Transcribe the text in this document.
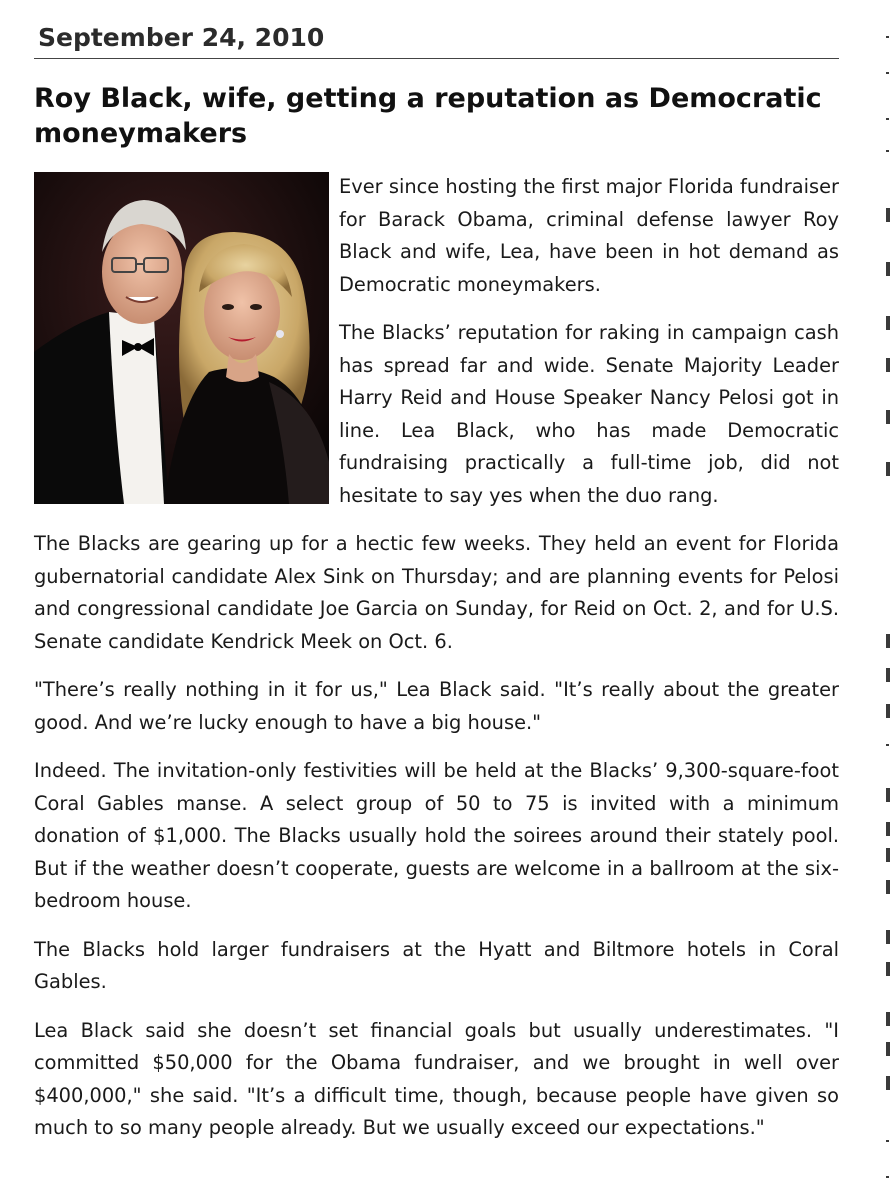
September 24, 2010
Roy Black, wife, getting a reputation as Democratic moneymakers

Ever since hosting the first major Florida fundraiser for Barack Obama, criminal defense lawyer Roy Black and wife, Lea, have been in hot demand as Democratic moneymakers.

The Blacks’ reputation for raking in campaign cash has spread far and wide. Senate Majority Leader Harry Reid and House Speaker Nancy Pelosi got in line. Lea Black, who has made Democratic fundraising practically a full-time job, did not hesitate to say yes when the duo rang.

The Blacks are gearing up for a hectic few weeks. They held an event for Florida gubernatorial candidate Alex Sink on Thursday; and are planning events for Pelosi and congressional candidate Joe Garcia on Sunday, for Reid on Oct. 2, and for U.S. Senate candidate Kendrick Meek on Oct. 6.

"There’s really nothing in it for us," Lea Black said. "It’s really about the greater good. And we’re lucky enough to have a big house."

Indeed. The invitation-only festivities will be held at the Blacks’ 9,300-square-foot Coral Gables manse. A select group of 50 to 75 is invited with a minimum donation of $1,000. The Blacks usually hold the soirees around their stately pool. But if the weather doesn’t cooperate, guests are welcome in a ballroom at the six-bedroom house.

The Blacks hold larger fundraisers at the Hyatt and Biltmore hotels in Coral Gables.

Lea Black said she doesn’t set financial goals but usually underestimates. "I committed $50,000 for the Obama fundraiser, and we brought in well over $400,000," she said. "It’s a difficult time, though, because people have given so much to so many people already. But we usually exceed our expectations."
